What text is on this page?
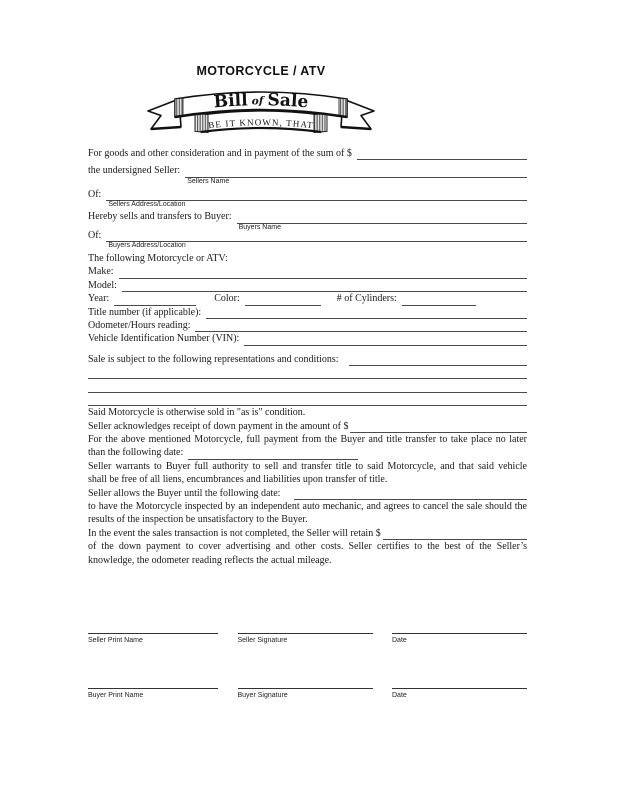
MOTORCYCLE / ATV
Bill of Sale
BE IT KNOWN, THAT
For goods and other consideration and in payment of the sum of $
the undersigned Seller:
Sellers Name
Of:
Sellers Address/Location
Hereby sells and transfers to Buyer:
Buyers Name
Of:
Buyers Address/Location
The following Motorcycle or ATV:
Make:
Model:
Year:	Color:	# of Cylinders:
Title number (if applicable):
Odometer/Hours reading:
Vehicle Identification Number (VIN):
Sale is subject to the following representations and conditions:
Said Motorcycle is otherwise sold in "as is" condition.
Seller acknowledges receipt of down payment in the amount of $
For the above mentioned Motorcycle, full payment from the Buyer and title transfer to take place no later
than the following date:
Seller warrants to Buyer full authority to sell and transfer title to said Motorcycle, and that said vehicle
shall be free of all liens, encumbrances and liabilities upon transfer of title.
Seller allows the Buyer until the following date:
to have the Motorcycle inspected by an independent auto mechanic, and agrees to cancel the sale should the
results of the inspection be unsatisfactory to the Buyer.
In the event the sales transaction is not completed, the Seller will retain $
of the down payment to cover advertising and other costs. Seller certifies to the best of the Seller’s
knowledge, the odometer reading reflects the actual mileage.
Seller Print Name	Seller Signature	Date
Buyer Print Name	Buyer Signature	Date
